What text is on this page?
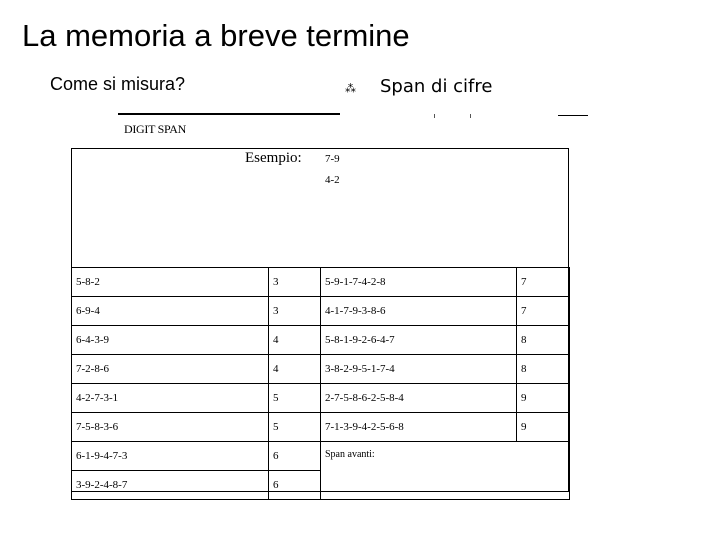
La memoria a breve termine
Come si misura?	⁂ Span di cifre
DIGIT SPAN
Esempio: 7-9
4-2
5-8-2	3	5-9-1-7-4-2-8	7
6-9-4	3	4-1-7-9-3-8-6	7
6-4-3-9	4	5-8-1-9-2-6-4-7	8
7-2-8-6	4	3-8-2-9-5-1-7-4	8
4-2-7-3-1	5	2-7-5-8-6-2-5-8-4	9
7-5-8-3-6	5	7-1-3-9-4-2-5-6-8	9
6-1-9-4-7-3	6	Span avanti:	
3-9-2-4-8-7	6		
